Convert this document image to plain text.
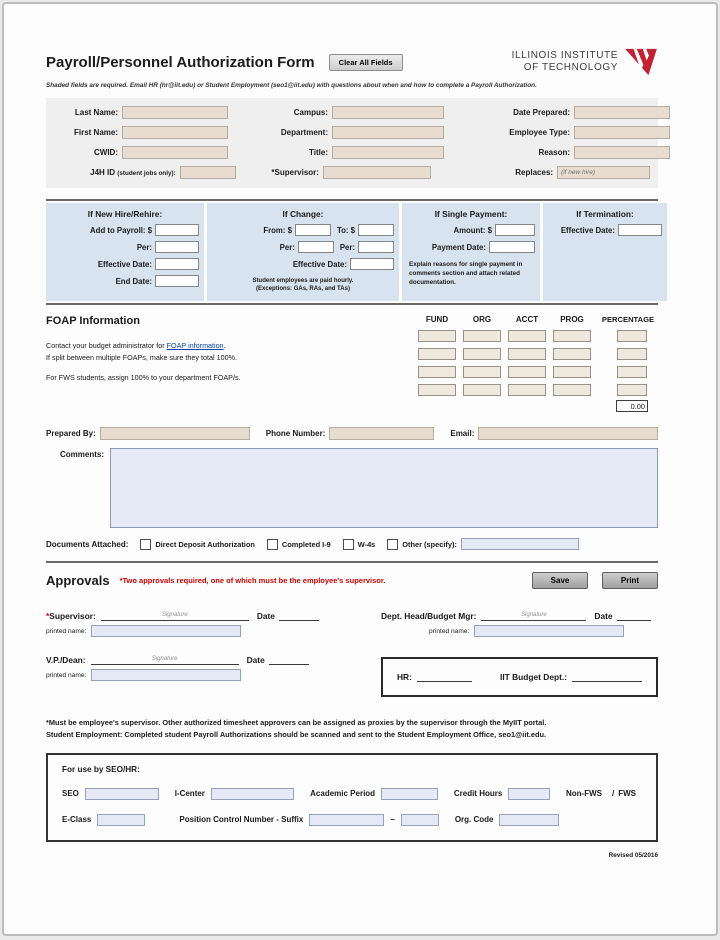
Payroll/Personnel Authorization Form	Clear All Fields
ILLINOIS INSTITUTE
OF TECHNOLOGY
Shaded fields are required. Email HR (hr@iit.edu) or Student Employment (seo1@iit.edu) with questions about when and how to complete a Payroll Authorization.
Last Name:	Campus:	Date Prepared:
First Name:	Department:	Employee Type:
CWID:	Title:	Reason:
J4H ID (student jobs only):	*Supervisor:	Replaces:	(if new hire)
If New Hire/Rehire:
Add to Payroll: $
Per:
Effective Date:
End Date:
If Change:
From: $	To: $
Per:	Per:
Effective Date:
Student employees are paid hourly.
(Exceptions: GAs, RAs, and TAs)
If Single Payment:
Amount: $
Payment Date:
Explain reasons for single payment in comments section and attach related documentation.
If Termination:
Effective Date:
FOAP Information

Contact your budget administrator for FOAP information.

If split between multiple FOAPs, make sure they total 100%.

For FWS students, assign 100% to your department FOAP/s.

FUND	ORG	ACCT	PROG	PERCENTAGE
0.00
Prepared By:	Phone Number:	Email:
Comments:
Documents Attached:	Direct Deposit Authorization	Completed I-9	W-4s	Other (specify):
Approvals *Two approvals required, one of which must be the employee's supervisor.	Save	Print
*Supervisor:	Signature	Date
printed name:
Dept. Head/Budget Mgr:	Signature	Date
printed name:
V.P./Dean:	Signature	Date
printed name:	HR:	IIT Budget Dept.:
*Must be employee's supervisor. Other authorized timesheet approvers can be assigned as proxies by the supervisor through the MyIIT portal.
Student Employment: Completed student Payroll Authorizations should be scanned and sent to the Student Employment Office, seo1@iit.edu.
For use by SEO/HR:
SEO	I-Center	Academic Period	Credit Hours	Non-FWS / FWS
E-Class	Position Control Number - Suffix	–	Org. Code
Revised 05/2016
